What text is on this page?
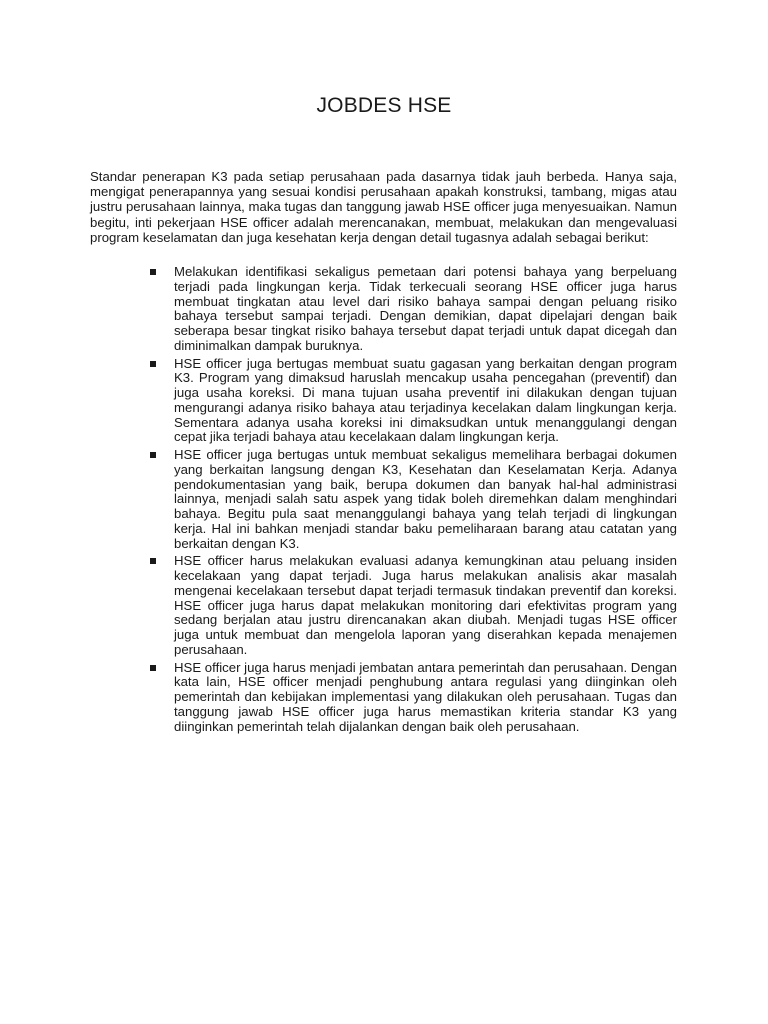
JOBDES HSE

Standar penerapan K3 pada setiap perusahaan pada dasarnya tidak jauh berbeda. Hanya saja, mengigat penerapannya yang sesuai kondisi perusahaan apakah konstruksi, tambang, migas atau justru perusahaan lainnya, maka tugas dan tanggung jawab HSE officer juga menyesuaikan. Namun begitu, inti pekerjaan HSE officer adalah merencanakan, membuat, melakukan dan mengevaluasi program keselamatan dan juga kesehatan kerja dengan detail tugasnya adalah sebagai berikut:

Melakukan identifikasi sekaligus pemetaan dari potensi bahaya yang berpeluang terjadi pada lingkungan kerja. Tidak terkecuali seorang HSE officer juga harus membuat tingkatan atau level dari risiko bahaya sampai dengan peluang risiko bahaya tersebut sampai terjadi. Dengan demikian, dapat dipelajari dengan baik seberapa besar tingkat risiko bahaya tersebut dapat terjadi untuk dapat dicegah dan diminimalkan dampak buruknya.
HSE officer juga bertugas membuat suatu gagasan yang berkaitan dengan program K3. Program yang dimaksud haruslah mencakup usaha pencegahan (preventif) dan juga usaha koreksi. Di mana tujuan usaha preventif ini dilakukan dengan tujuan mengurangi adanya risiko bahaya atau terjadinya kecelakan dalam lingkungan kerja. Sementara adanya usaha koreksi ini dimaksudkan untuk menanggulangi dengan cepat jika terjadi bahaya atau kecelakaan dalam lingkungan kerja.
HSE officer juga bertugas untuk membuat sekaligus memelihara berbagai dokumen yang berkaitan langsung dengan K3, Kesehatan dan Keselamatan Kerja. Adanya pendokumentasian yang baik, berupa dokumen dan banyak hal-hal administrasi lainnya, menjadi salah satu aspek yang tidak boleh diremehkan dalam menghindari bahaya. Begitu pula saat menanggulangi bahaya yang telah terjadi di lingkungan kerja. Hal ini bahkan menjadi standar baku pemeliharaan barang atau catatan yang berkaitan dengan K3.
HSE officer harus melakukan evaluasi adanya kemungkinan atau peluang insiden kecelakaan yang dapat terjadi. Juga harus melakukan analisis akar masalah mengenai kecelakaan tersebut dapat terjadi termasuk tindakan preventif dan koreksi. HSE officer juga harus dapat melakukan monitoring dari efektivitas program yang sedang berjalan atau justru direncanakan akan diubah. Menjadi tugas HSE officer juga untuk membuat dan mengelola laporan yang diserahkan kepada menajemen perusahaan.
HSE officer juga harus menjadi jembatan antara pemerintah dan perusahaan. Dengan kata lain, HSE officer menjadi penghubung antara regulasi yang diinginkan oleh pemerintah dan kebijakan implementasi yang dilakukan oleh perusahaan. Tugas dan tanggung jawab HSE officer juga harus memastikan kriteria standar K3 yang diinginkan pemerintah telah dijalankan dengan baik oleh perusahaan.
